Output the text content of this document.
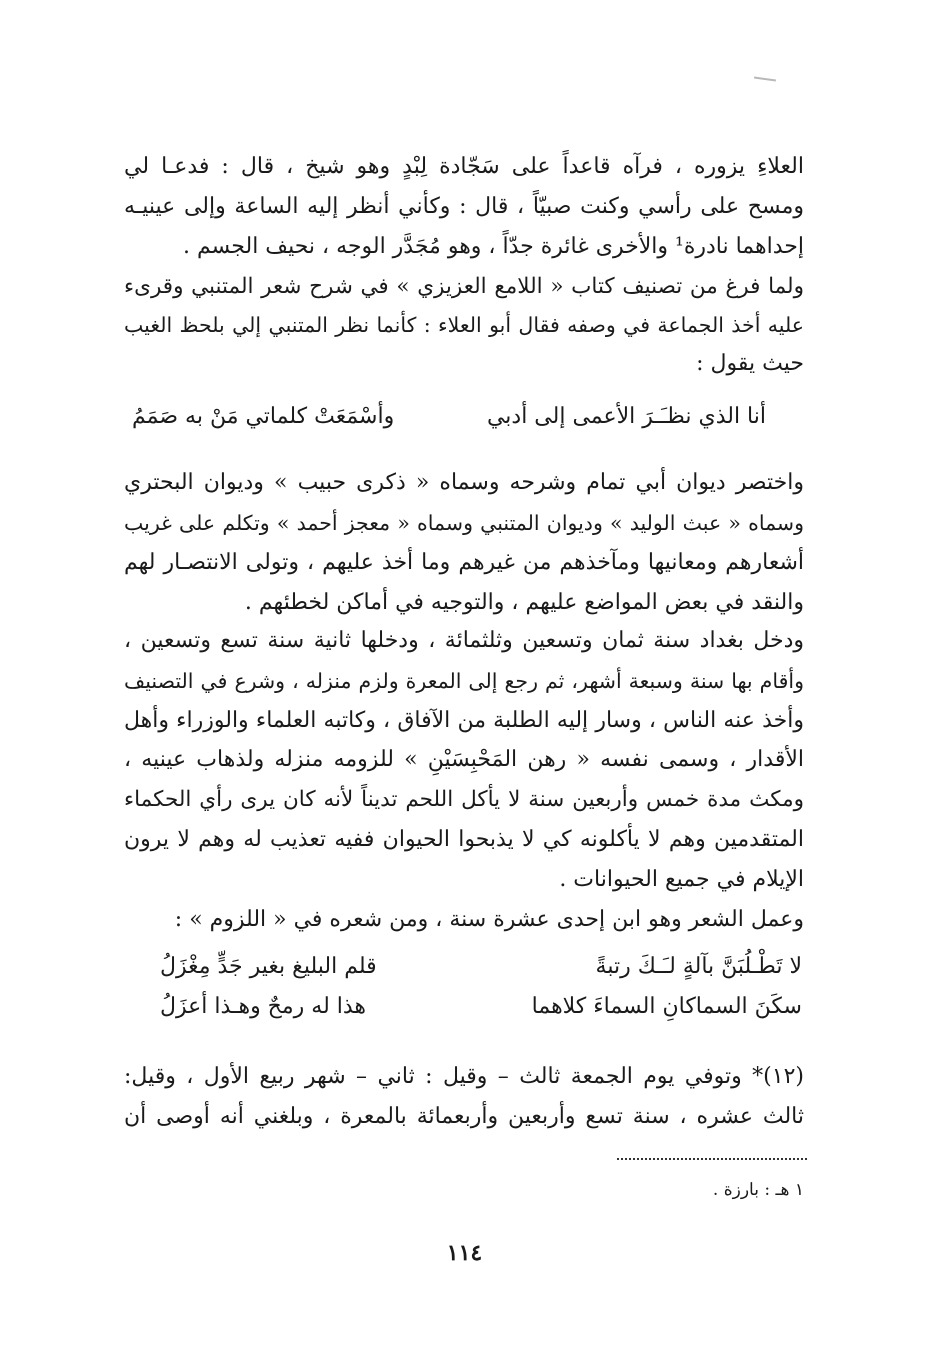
العلاءِ يزوره ، فرآه قاعداً على سَجّادة لِبْدٍ وهو شيخ ، قال : فدعـا لي
ومسح على رأسي وكنت صبيّاً ، قال : وكأني أنظر إليه الساعة وإلى عينيـه
إحداهما نادرة¹ والأخرى غائرة جدّاً ، وهو مُجَدَّر الوجه ، نحيف الجسم .
ولما فرغ من تصنيف كتاب « اللامع العزيزي » في شرح شعر المتنبي وقرىء
عليه أخذ الجماعة في وصفه فقال أبو العلاء : كأنما نظر المتنبي إلي بلحظ الغيب
حيث يقول :
أنا الذي نظـَـرَ الأعمى إلى أدبي
وأسْمَعَتْ كلماتي مَنْ به صَمَمُ
واختصر ديوان أبي تمام وشرحه وسماه « ذكرى حبيب » وديوان البحتري
وسماه « عبث الوليد » وديوان المتنبي وسماه « معجز أحمد » وتكلم على غريب
أشعارهم ومعانيها ومآخذهم من غيرهم وما أخذ عليهم ، وتولى الانتصـار لهم
والنقد في بعض المواضع عليهم ، والتوجيه في أماكن لخطئهم .
ودخل بغداد سنة ثمان وتسعين وثلثمائة ، ودخلها ثانية سنة تسع وتسعين ،
وأقام بها سنة وسبعة أشهر، ثم رجع إلى المعرة ولزم منزله ، وشرع في التصنيف
وأخذ عنه الناس ، وسار إليه الطلبة من الآفاق ، وكاتبه العلماء والوزراء وأهل
الأقدار ، وسمى نفسه « رهن المَحْبِسَيْنِ » للزومه منزله ولذهاب عينيه ،
ومكث مدة خمس وأربعين سنة لا يأكل اللحم تديناً لأنه كان يرى رأي الحكماء
المتقدمين وهم لا يأكلونه كي لا يذبحوا الحيوان ففيه تعذيب له وهم لا يرون
الإيلام في جميع الحيوانات .
وعمل الشعر وهو ابن إحدى عشرة سنة ، ومن شعره في « اللزوم » :
لا تَطْـلُبَنَّ بآلةٍ لـَـكَ رتبةً
قلم البليغ بغير جَدٍّ مِغْزَلُ
سكَنَ السماكانِ السماءَ كلاهما
هذا له رمحٌ وهـذا أعزَلُ
(١٢)* وتوفي يوم الجمعة ثالث – وقيل : ثاني – شهر ربيع الأول ، وقيل:
ثالث عشره ، سنة تسع وأربعين وأربعمائة بالمعرة ، وبلغني أنه أوصى أن
١ هـ : بارزة .
١١٤
